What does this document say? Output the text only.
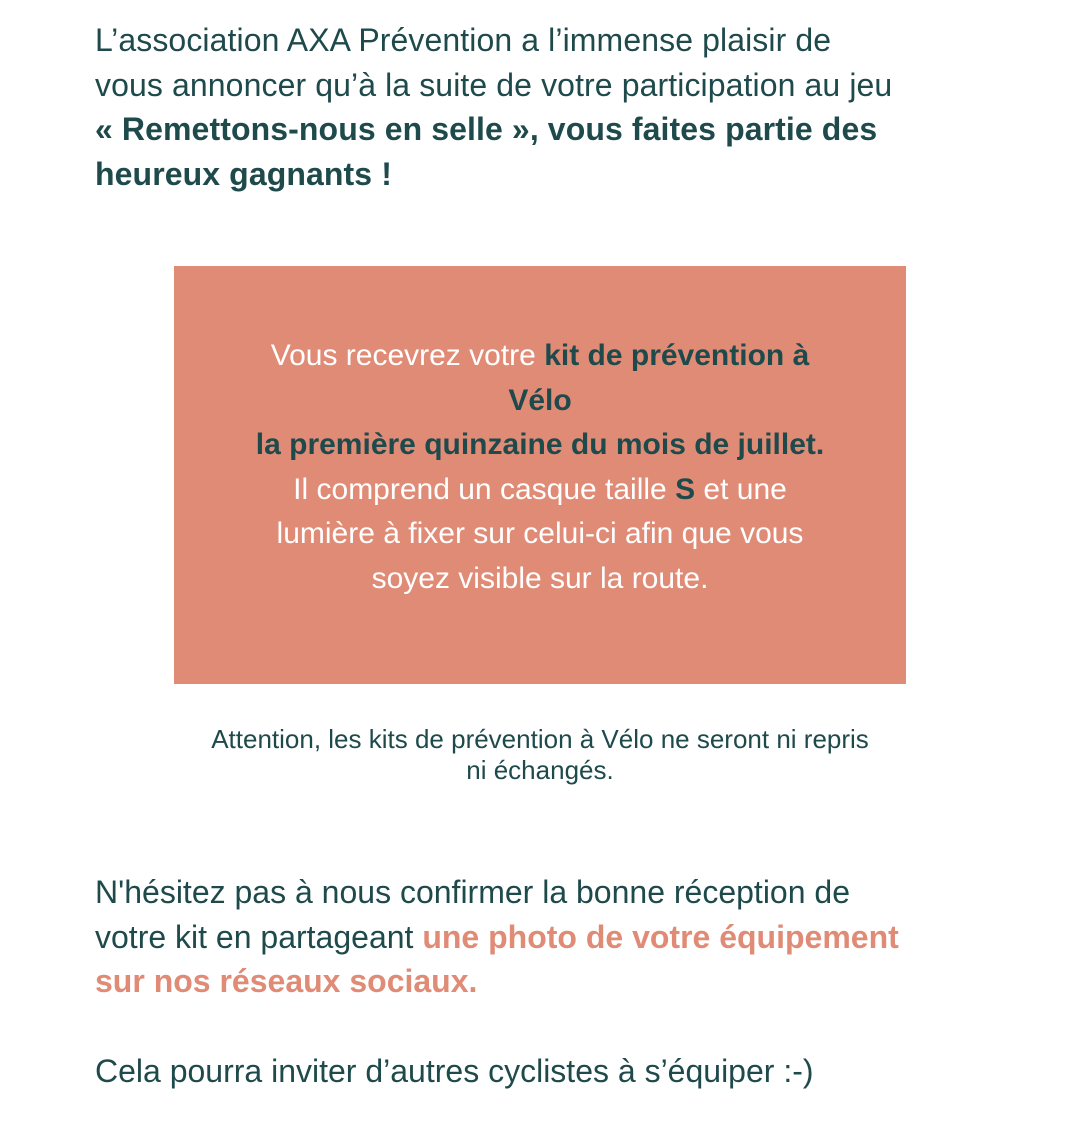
L’association AXA Prévention a l’immense plaisir de
vous annoncer qu’à la suite de votre participation au jeu
« Remettons-nous en selle », vous faites partie des
heureux gagnants !

Vous recevrez votre kit de prévention à
Vélo
la première quinzaine du mois de juillet.
Il comprend un casque taille S et une
lumière à fixer sur celui-ci afin que vous
soyez visible sur la route.
Attention, les kits de prévention à Vélo ne seront ni repris
ni échangés.

N'hésitez pas à nous confirmer la bonne réception de
votre kit en partageant une photo de votre équipement
sur nos réseaux sociaux.

Cela pourra inviter d’autres cyclistes à s’équiper :-)
